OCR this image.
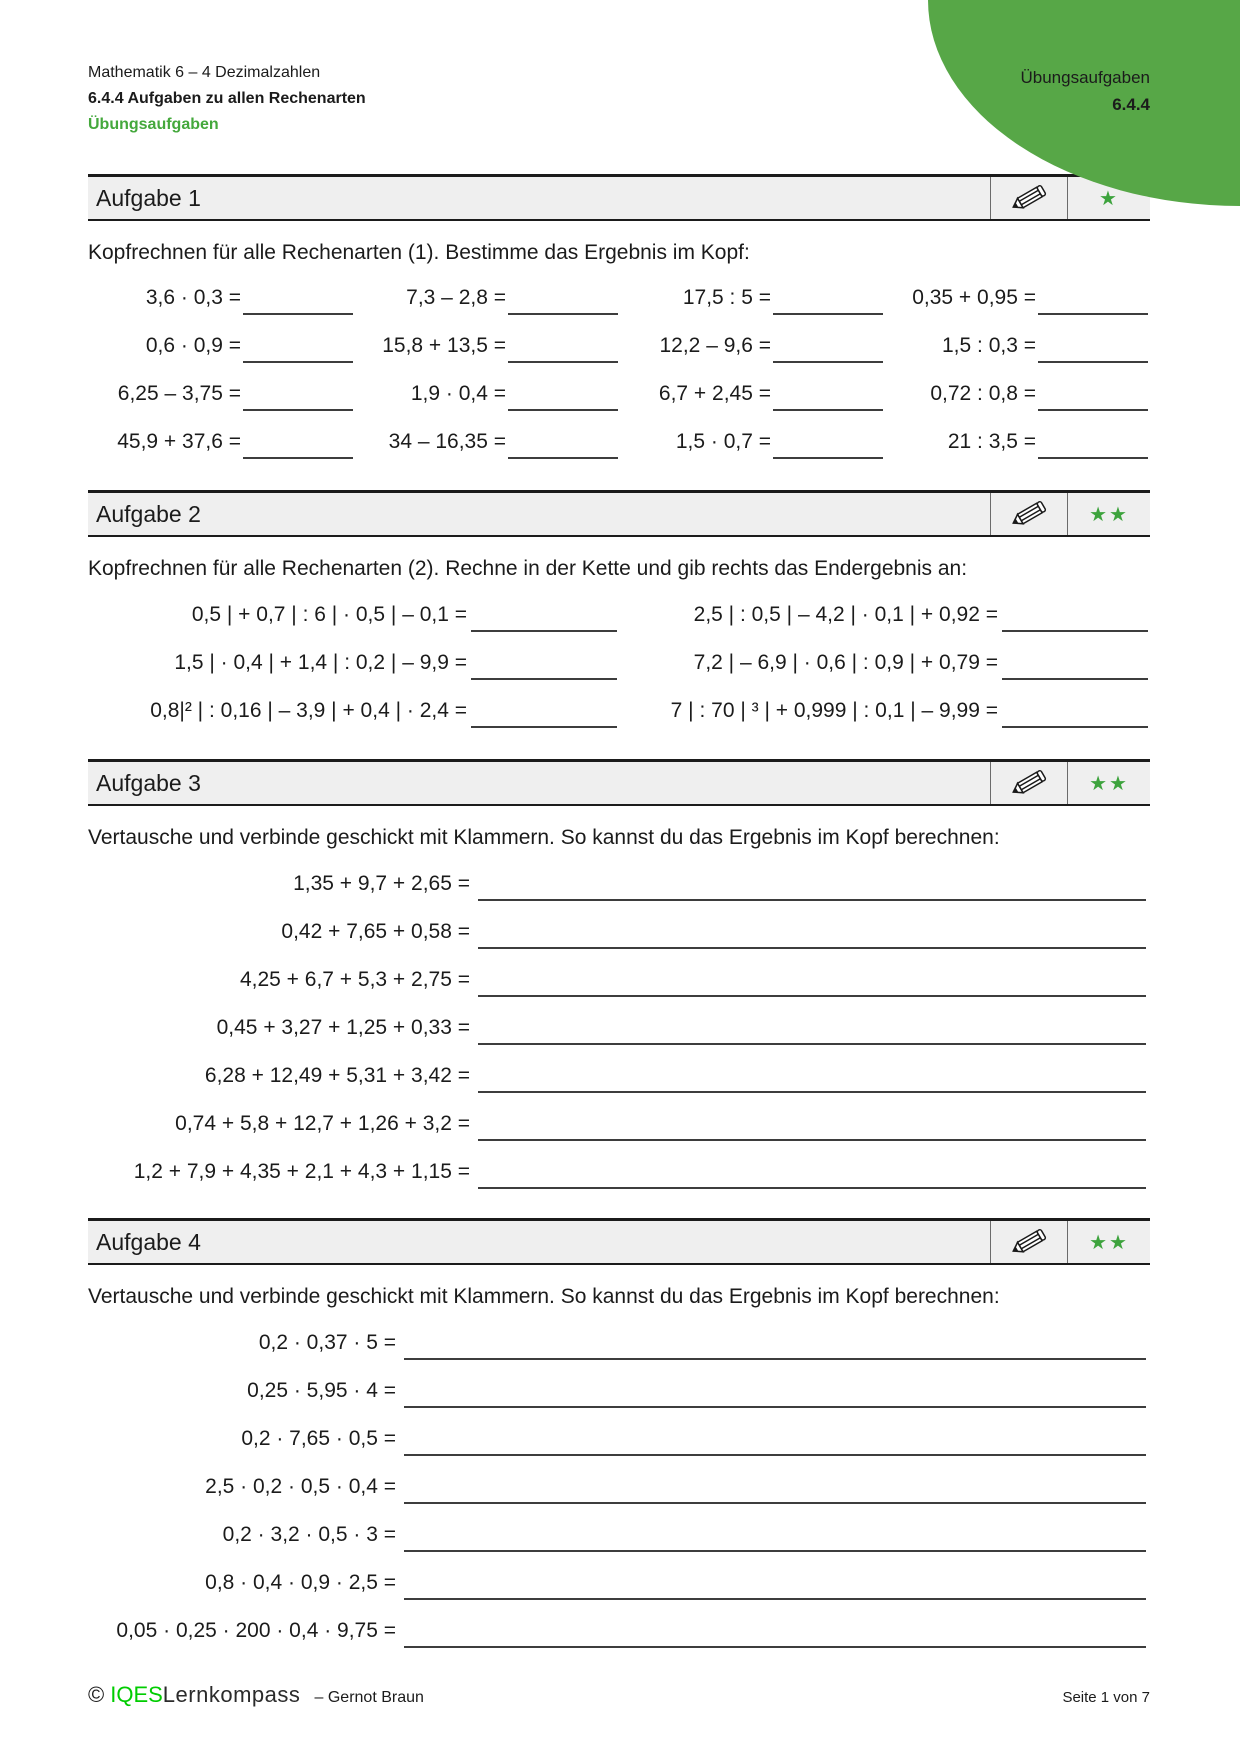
Übungsaufgaben
6.4.4
Mathematik 6 – 4 Dezimalzahlen
6.4.4 Aufgaben zu allen Rechenarten
Übungsaufgaben
Aufgabe 1	★
Kopfrechnen für alle Rechenarten (1). Bestimme das Ergebnis im Kopf:
3,6 · 0,3 =	7,3 – 2,8 =	17,5 : 5 =	0,35 + 0,95 =
0,6 · 0,9 =	15,8 + 13,5 =	12,2 – 9,6 =	1,5 : 0,3 =
6,25 – 3,75 =	1,9 · 0,4 =	6,7 + 2,45 =	0,72 : 0,8 =
45,9 + 37,6 =	34 – 16,35 =	1,5 · 0,7 =	21 : 3,5 =
Aufgabe 2	★★
Kopfrechnen für alle Rechenarten (2). Rechne in der Kette und gib rechts das Endergebnis an:
0,5 | + 0,7 | : 6 | · 0,5 | – 0,1 =	2,5 | : 0,5 | – 4,2 | · 0,1 | + 0,92 =
1,5 | · 0,4 | + 1,4 | : 0,2 | – 9,9 =	7,2 | – 6,9 | · 0,6 | : 0,9 | + 0,79 =
0,8|² | : 0,16 | – 3,9 | + 0,4 | · 2,4 =	7 | : 70 | ³ | + 0,999 | : 0,1 | – 9,99 =
Aufgabe 3	★★
Vertausche und verbinde geschickt mit Klammern. So kannst du das Ergebnis im Kopf berechnen:
1,35 + 9,7 + 2,65 =
0,42 + 7,65 + 0,58 =
4,25 + 6,7 + 5,3 + 2,75 =
0,45 + 3,27 + 1,25 + 0,33 =
6,28 + 12,49 + 5,31 + 3,42 =
0,74 + 5,8 + 12,7 + 1,26 + 3,2 =
1,2 + 7,9 + 4,35 + 2,1 + 4,3 + 1,15 =
Aufgabe 4	★★
Vertausche und verbinde geschickt mit Klammern. So kannst du das Ergebnis im Kopf berechnen:
0,2 · 0,37 · 5 =
0,25 · 5,95 · 4 =
0,2 · 7,65 · 0,5 =
2,5 · 0,2 · 0,5 · 0,4 =
0,2 · 3,2 · 0,5 · 3 =
0,8 · 0,4 · 0,9 · 2,5 =
0,05 · 0,25 · 200 · 0,4 · 9,75 =
© IQESLernkompass – Gernot Braun	Seite 1 von 7
